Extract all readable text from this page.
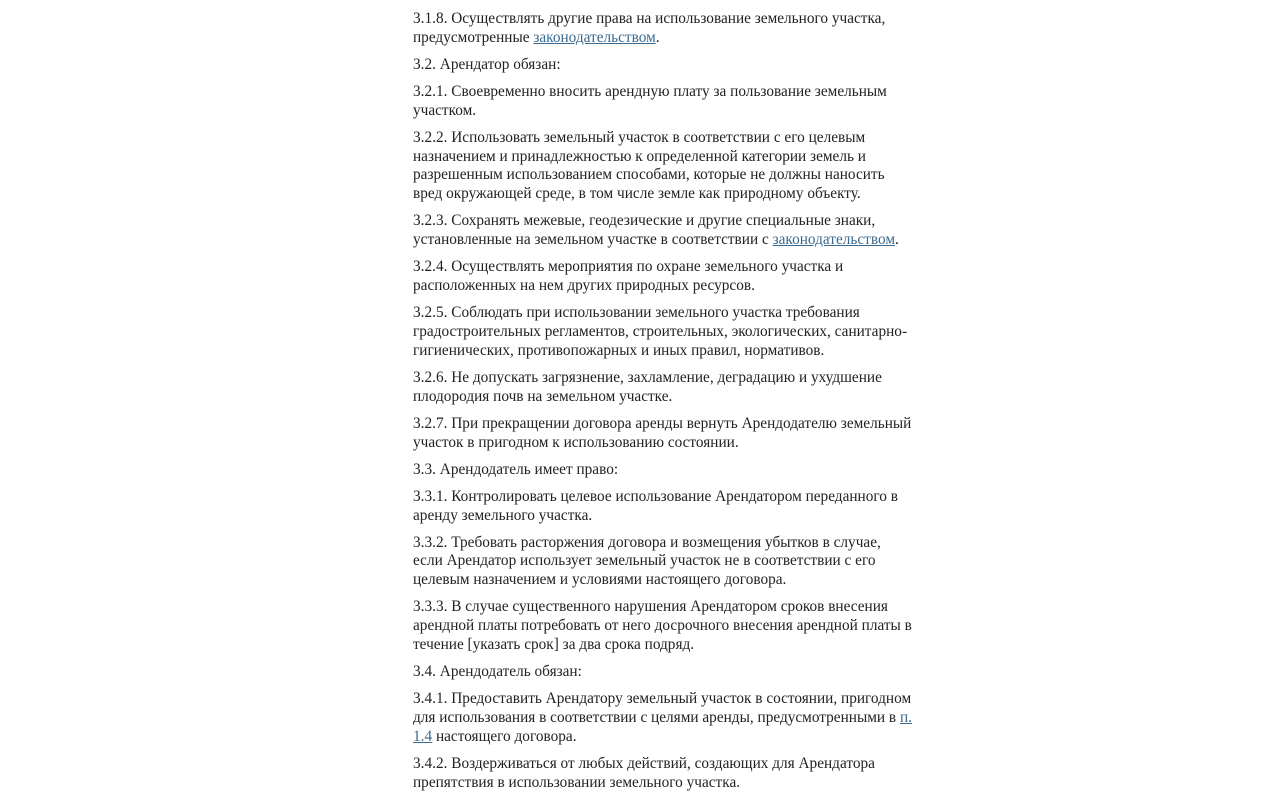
3.1.8. Осуществлять другие права на использование земельного участка, предусмотренные законодательством.

3.2. Арендатор обязан:

3.2.1. Своевременно вносить арендную плату за пользование земельным участком.

3.2.2. Использовать земельный участок в соответствии с его целевым назначением и принадлежностью к определенной категории земель и разрешенным использованием способами, которые не должны наносить вред окружающей среде, в том числе земле как природному объекту.

3.2.3. Сохранять межевые, геодезические и другие специальные знаки, установленные на земельном участке в соответствии с законодательством.

3.2.4. Осуществлять мероприятия по охране земельного участка и расположенных на нем других природных ресурсов.

3.2.5. Соблюдать при использовании земельного участка требования градостроительных регламентов, строительных, экологических, санитарно-гигиенических, противопожарных и иных правил, нормативов.

3.2.6. Не допускать загрязнение, захламление, деградацию и ухудшение плодородия почв на земельном участке.

3.2.7. При прекращении договора аренды вернуть Арендодателю земельный участок в пригодном к использованию состоянии.

3.3. Арендодатель имеет право:

3.3.1. Контролировать целевое использование Арендатором переданного в аренду земельного участка.

3.3.2. Требовать расторжения договора и возмещения убытков в случае, если Арендатор использует земельный участок не в соответствии с его целевым назначением и условиями настоящего договора.

3.3.3. В случае существенного нарушения Арендатором сроков внесения арендной платы потребовать от него досрочного внесения арендной платы в течение [указать срок] за два срока подряд.

3.4. Арендодатель обязан:

3.4.1. Предоставить Арендатору земельный участок в состоянии, пригодном для использования в соответствии с целями аренды, предусмотренными в п. 1.4 настоящего договора.

3.4.2. Воздерживаться от любых действий, создающих для Арендатора препятствия в использовании земельного участка.
